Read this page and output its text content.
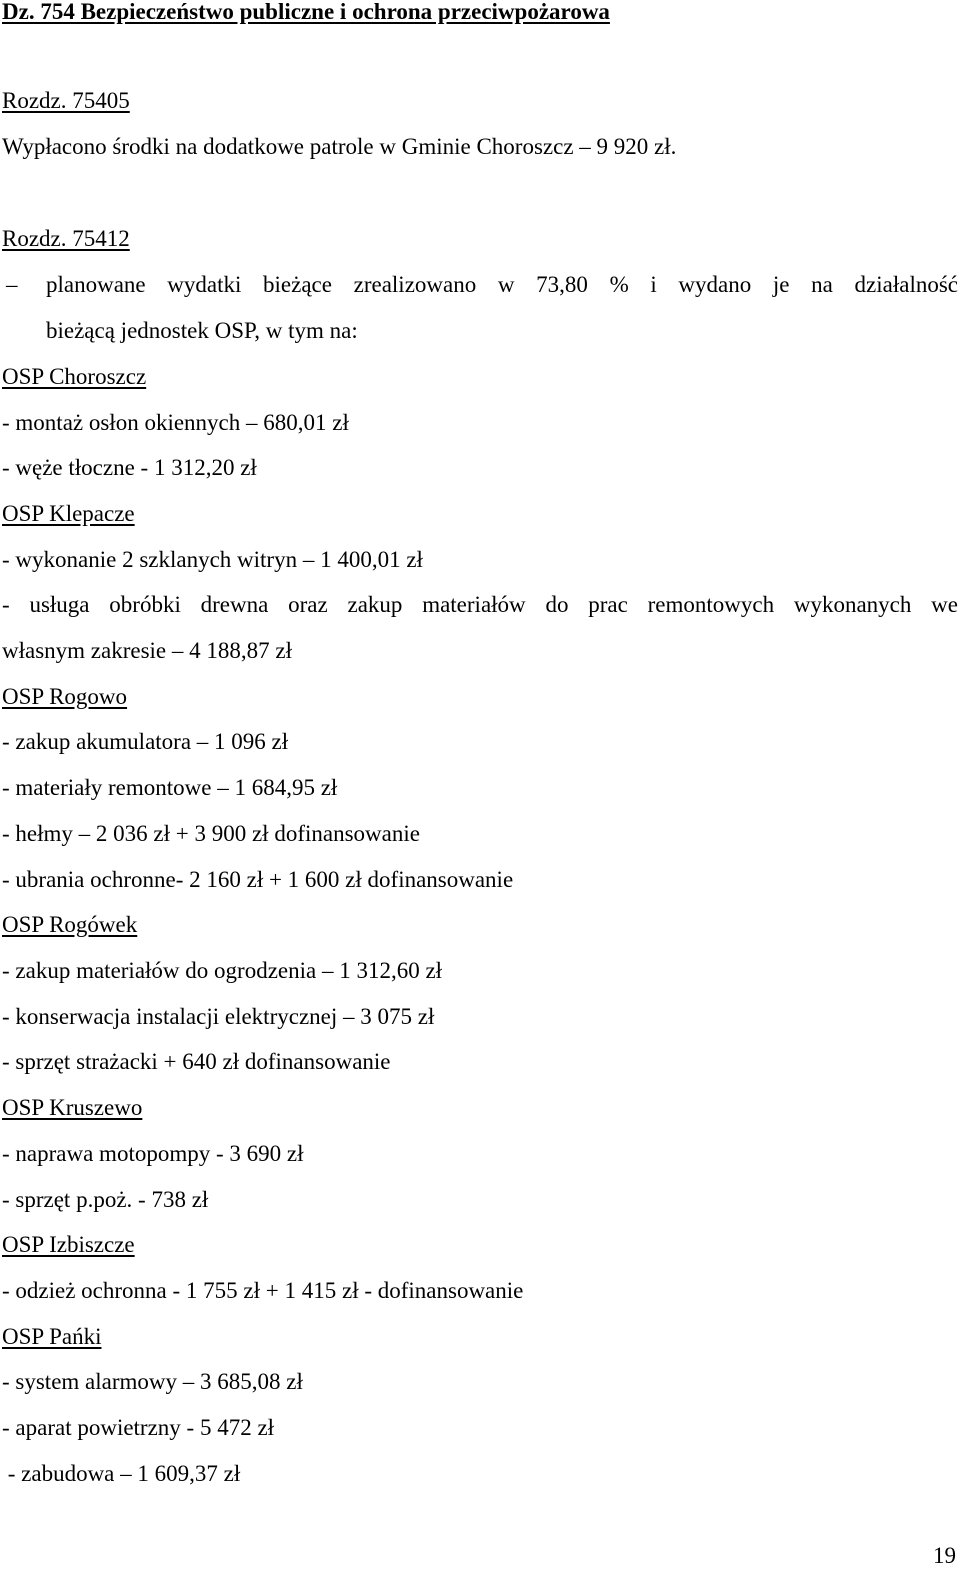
Dz. 754 Bezpieczeństwo publiczne i ochrona przeciwpożarowa
Rozdz. 75405
Wypłacono środki na dodatkowe patrole w Gminie Choroszcz – 9 920 zł.
Rozdz. 75412
– planowane wydatki bieżące zrealizowano w 73,80 % i wydano je na działalność
bieżącą jednostek OSP, w tym na:
OSP Choroszcz
- montaż osłon okiennych – 680,01 zł
- węże tłoczne - 1 312,20 zł
OSP Klepacze
- wykonanie 2 szklanych witryn – 1 400,01 zł
- usługa obróbki drewna oraz zakup materiałów do prac remontowych wykonanych we
własnym zakresie – 4 188,87 zł
OSP Rogowo
- zakup akumulatora – 1 096 zł
- materiały remontowe – 1 684,95 zł
- hełmy – 2 036 zł + 3 900 zł dofinansowanie
- ubrania ochronne- 2 160 zł + 1 600 zł dofinansowanie
OSP Rogówek
- zakup materiałów do ogrodzenia – 1 312,60 zł
- konserwacja instalacji elektrycznej – 3 075 zł
- sprzęt strażacki + 640 zł dofinansowanie
OSP Kruszewo
- naprawa motopompy - 3 690 zł
- sprzęt p.poż. - 738 zł
OSP Izbiszcze
- odzież ochronna - 1 755 zł + 1 415 zł - dofinansowanie
OSP Pańki
- system alarmowy – 3 685,08 zł
- aparat powietrzny - 5 472 zł
- zabudowa – 1 609,37 zł
19
